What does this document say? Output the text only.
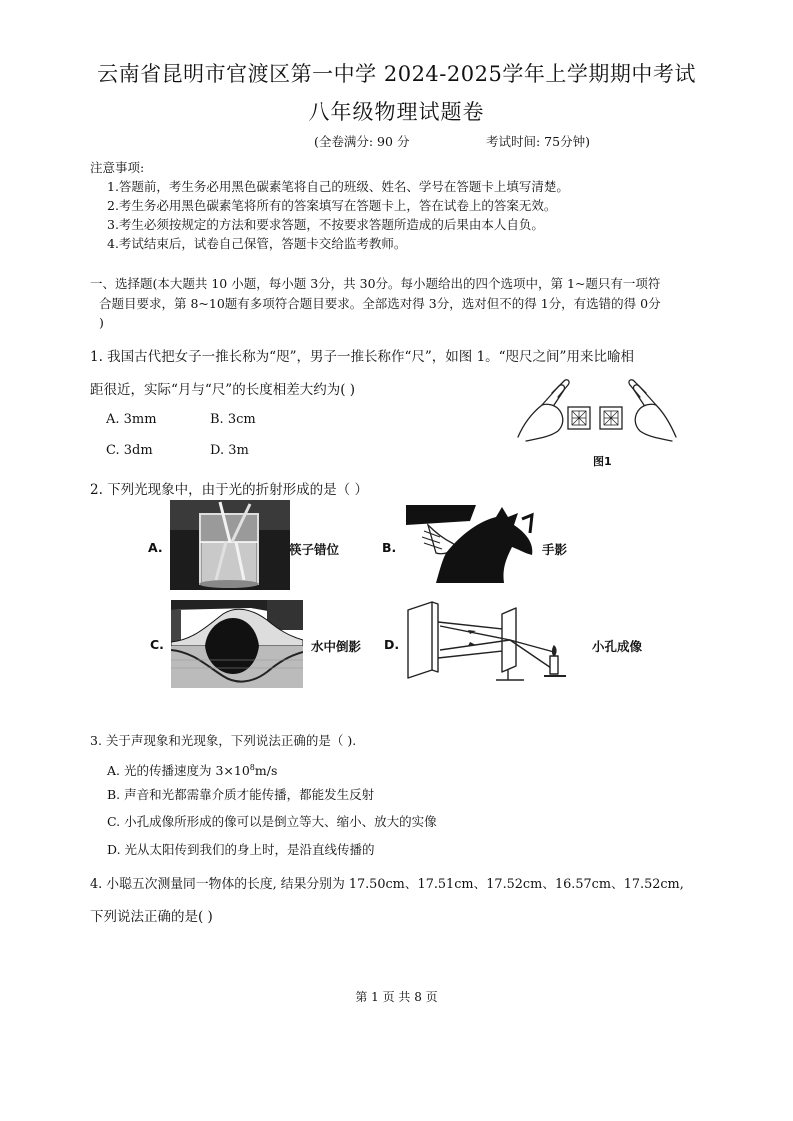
云南省昆明市官渡区第一中学 2024-2025学年上学期期中考试
八年级物理试题卷
(全卷满分: 90 分	考试时间: 75分钟)
注意事项:
1.答题前，考生务必用黑色碳素笔将自己的班级、姓名、学号在答题卡上填写清楚。
2.考生务必用黑色碳素笔将所有的答案填写在答题卡上，答在试卷上的答案无效。
3.考生必须按规定的方法和要求答题，不按要求答题所造成的后果由本人自负。
4.考试结束后，试卷自己保管，答题卡交给监考教师。
一、选择题(本大题共 10 小题，每小题 3分，共 30分。每小题给出的四个选项中，第 1~题只有一项符
合题目要求，第 8~10题有多项符合题目要求。全部选对得 3分，选对但不的得 1分，有选错的得 0分
)
1. 我国古代把女子一推长称为“咫”，男子一推长称作“尺”，如图 1。“咫尺之间”用来比喻相
距很近，实际“月与“尺”的长度相差大约为( )
A. 3mm	B. 3cm
C. 3dm	D. 3m
图1
2. 下列光现象中，由于光的折射形成的是（ ）
A.	筷子错位	B.	手影
C.	水中倒影 D.	小孔成像
3. 关于声现象和光现象，下列说法正确的是（ ).
A. 光的传播速度为 $3\times 10^8m/s$
B. 声音和光都需靠介质才能传播，都能发生反射
C. 小孔成像所形成的像可以是倒立等大、缩小、放大的实像
D. 光从太阳传到我们的身上时，是沿直线传播的
4. 小聪五次测量同一物体的长度, 结果分别为 17.50cm、17.51cm、17.52cm、16.57cm、17.52cm,
下列说法正确的是( )
第 1 页 共 8 页
